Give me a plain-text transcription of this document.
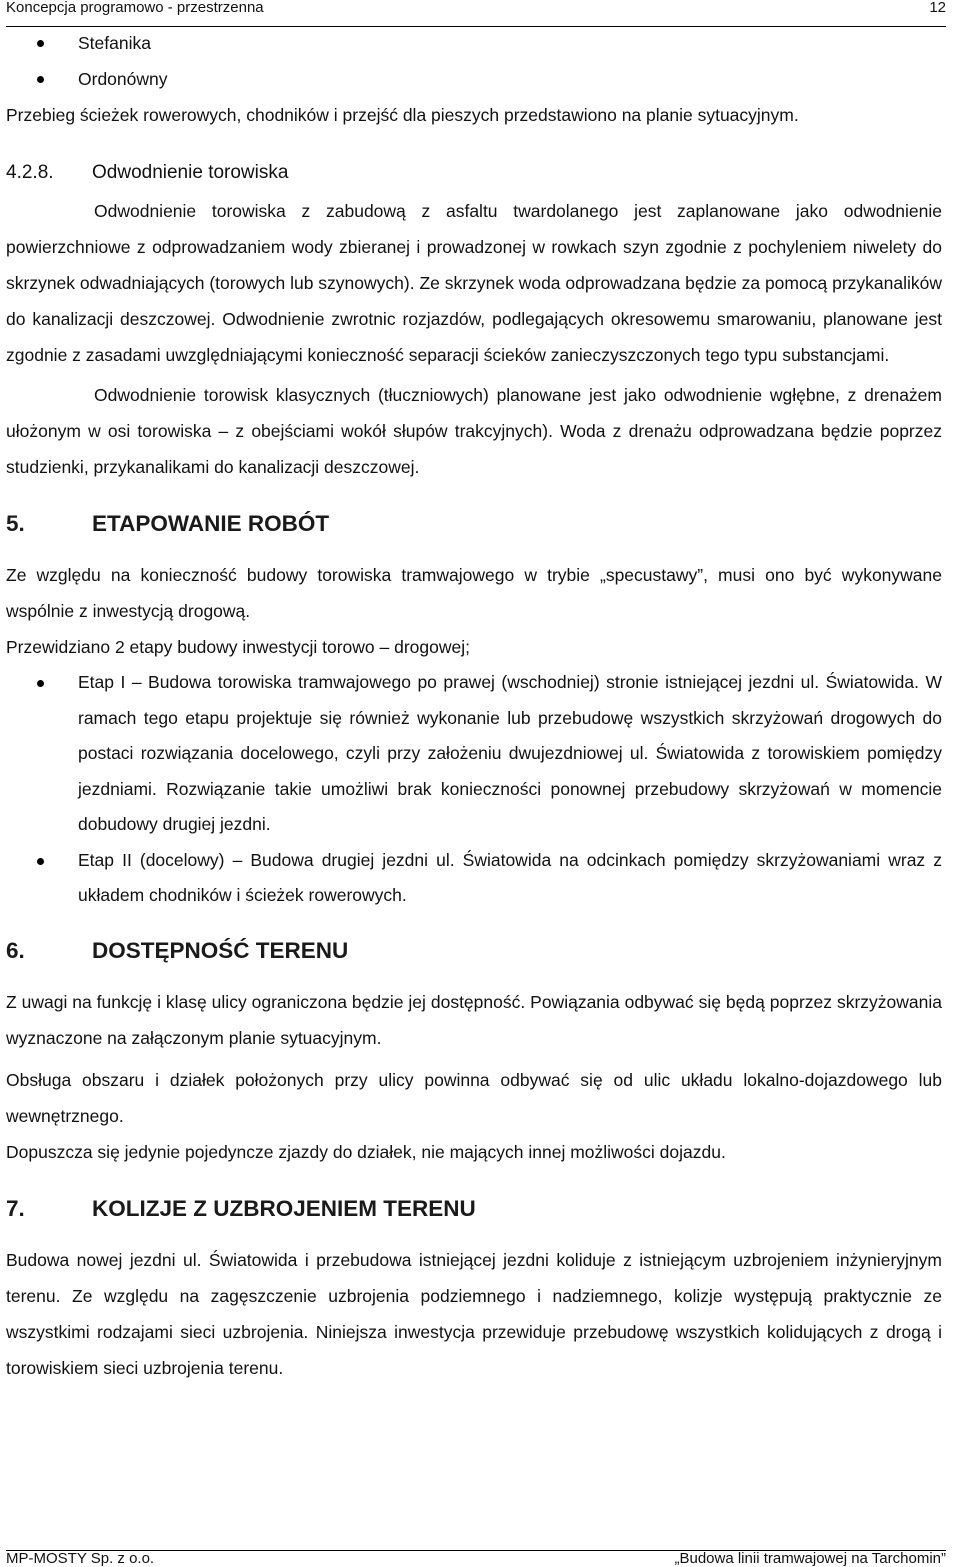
Koncepcja programowo - przestrzenna	12
Stefanika
Ordonówny

Przebieg ścieżek rowerowych, chodników i przejść dla pieszych przedstawiono na planie sytuacyjnym.

4.2.8.	Odwodnienie torowiska

Odwodnienie torowiska z zabudową z asfaltu twardolanego jest zaplanowane jako odwodnienie powierzchniowe z odprowadzaniem wody zbieranej i prowadzonej w rowkach szyn zgodnie z pochyleniem niwelety do skrzynek odwadniających (torowych lub szynowych). Ze skrzynek woda odprowadzana będzie za pomocą przykanalików do kanalizacji deszczowej. Odwodnienie zwrotnic rozjazdów, podlegających okresowemu smarowaniu, planowane jest zgodnie z zasadami uwzględniającymi konieczność separacji ścieków zanieczyszczonych tego typu substancjami.

Odwodnienie torowisk klasycznych (tłuczniowych) planowane jest jako odwodnienie wgłębne, z drenażem ułożonym w osi torowiska – z obejściami wokół słupów trakcyjnych). Woda z drenażu odprowadzana będzie poprzez studzienki, przykanalikami do kanalizacji deszczowej.

5.	ETAPOWANIE ROBÓT

Ze względu na konieczność budowy torowiska tramwajowego w trybie „specustawy”, musi ono być wykonywane wspólnie z inwestycją drogową.

Przewidziano 2 etapy budowy inwestycji torowo – drogowej;

Etap I – Budowa torowiska tramwajowego po prawej (wschodniej) stronie istniejącej jezdni ul. Światowida. W ramach tego etapu projektuje się również wykonanie lub przebudowę wszystkich skrzyżowań drogowych do postaci rozwiązania docelowego, czyli przy założeniu dwujezdniowej ul. Światowida z torowiskiem pomiędzy jezdniami. Rozwiązanie takie umożliwi brak konieczności ponownej przebudowy skrzyżowań w momencie dobudowy drugiej jezdni.
Etap II (docelowy) – Budowa drugiej jezdni ul. Światowida na odcinkach pomiędzy skrzyżowaniami wraz z układem chodników i ścieżek rowerowych.
6.	DOSTĘPNOŚĆ TERENU

Z uwagi na funkcję i klasę ulicy ograniczona będzie jej dostępność. Powiązania odbywać się będą poprzez skrzyżowania wyznaczone na załączonym planie sytuacyjnym.

Obsługa obszaru i działek położonych przy ulicy powinna odbywać się od ulic układu lokalno-dojazdowego lub wewnętrznego.

Dopuszcza się jedynie pojedyncze zjazdy do działek, nie mających innej możliwości dojazdu.

7.	KOLIZJE Z UZBROJENIEM TERENU

Budowa nowej jezdni ul. Światowida i przebudowa istniejącej jezdni koliduje z istniejącym uzbrojeniem inżynieryjnym terenu. Ze względu na zagęszczenie uzbrojenia podziemnego i nadziemnego, kolizje występują praktycznie ze wszystkimi rodzajami sieci uzbrojenia. Niniejsza inwestycja przewiduje przebudowę wszystkich kolidujących z drogą i torowiskiem sieci uzbrojenia terenu.

MP-MOSTY Sp. z o.o.	„Budowa linii tramwajowej na Tarchomin”
